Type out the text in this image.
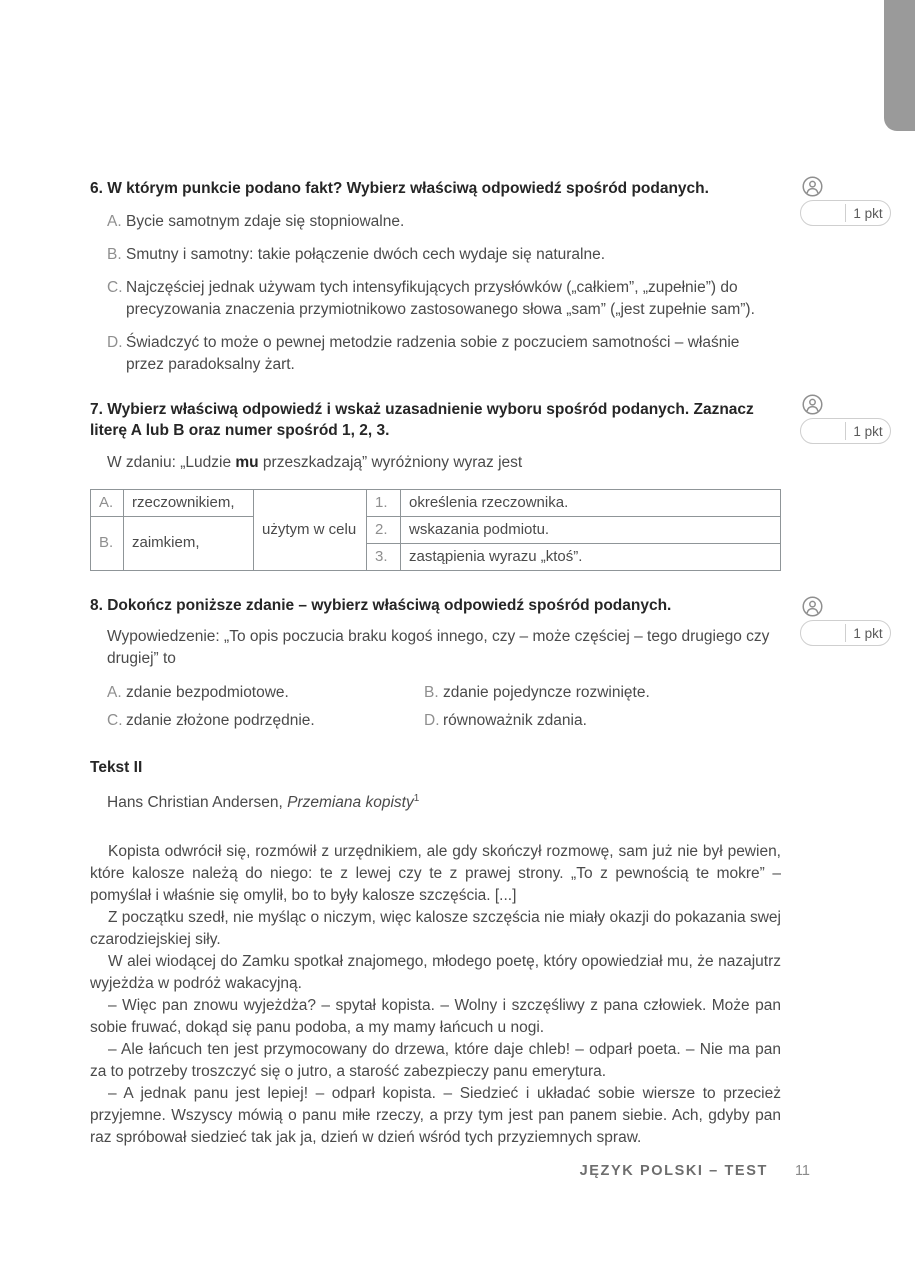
6. W którym punkcie podano fakt? Wybierz właściwą odpowiedź spośród podanych.
A. Bycie samotnym zdaje się stopniowalne.
B. Smutny i samotny: takie połączenie dwóch cech wydaje się naturalne.
C. Najczęściej jednak używam tych intensyfikujących przysłówków („całkiem”, „zupełnie”) do precyzowania znaczenia przymiotnikowo zastosowanego słowa „sam” („jest zupełnie sam”).
D. Świadczyć to może o pewnej metodzie radzenia sobie z poczuciem samotności – właśnie przez paradoksalny żart.
7. Wybierz właściwą odpowiedź i wskaż uzasadnienie wyboru spośród podanych. Zaznacz literę A lub B oraz numer spośród 1, 2, 3.
W zdaniu: „Ludzie mu przeszkadzają” wyróżniony wyraz jest
A.	rzeczownikiem,	użytym w celu	1.	określenia rzeczownika.
B.	zaimkiem,		2.	wskazania podmiotu.
			3.	zastąpienia wyrazu „ktoś”.
8. Dokończ poniższe zdanie – wybierz właściwą odpowiedź spośród podanych.
Wypowiedzenie: „To opis poczucia braku kogoś innego, czy – może częściej – tego drugiego czy drugiej” to
A. zdanie bezpodmiotowe.	B. zdanie pojedyncze rozwinięte.
C. zdanie złożone podrzędnie.	D. równoważnik zdania.
Tekst II
Hans Christian Andersen, Przemiana kopisty$^1$

Kopista odwrócił się, rozmówił z urzędnikiem, ale gdy skończył rozmowę, sam już nie był pewien, które kalosze należą do niego: te z lewej czy te z prawej strony. „To z pewnością te mokre” – pomyślał i właśnie się omylił, bo to były kalosze szczęścia. [...]

Z początku szedł, nie myśląc o niczym, więc kalosze szczęścia nie miały okazji do pokazania swej czarodziejskiej siły.

W alei wiodącej do Zamku spotkał znajomego, młodego poetę, który opowiedział mu, że nazajutrz wyjeżdża w podróż wakacyjną.

– Więc pan znowu wyjeżdża? – spytał kopista. – Wolny i szczęśliwy z pana człowiek. Może pan sobie fruwać, dokąd się panu podoba, a my mamy łańcuch u nogi.

– Ale łańcuch ten jest przymocowany do drzewa, które daje chleb! – odparł poeta. – Nie ma pan za to potrzeby troszczyć się o jutro, a starość zabezpieczy panu emerytura.

– A jednak panu jest lepiej! – odparł kopista. – Siedzieć i układać sobie wiersze to przecież przyjemne. Wszyscy mówią o panu miłe rzeczy, a przy tym jest pan panem siebie. Ach, gdyby pan raz spróbował siedzieć tak jak ja, dzień w dzień wśród tych przyziemnych spraw.

1 pkt
1 pkt
1 pkt
JĘZYK POLSKI – TEST 11
